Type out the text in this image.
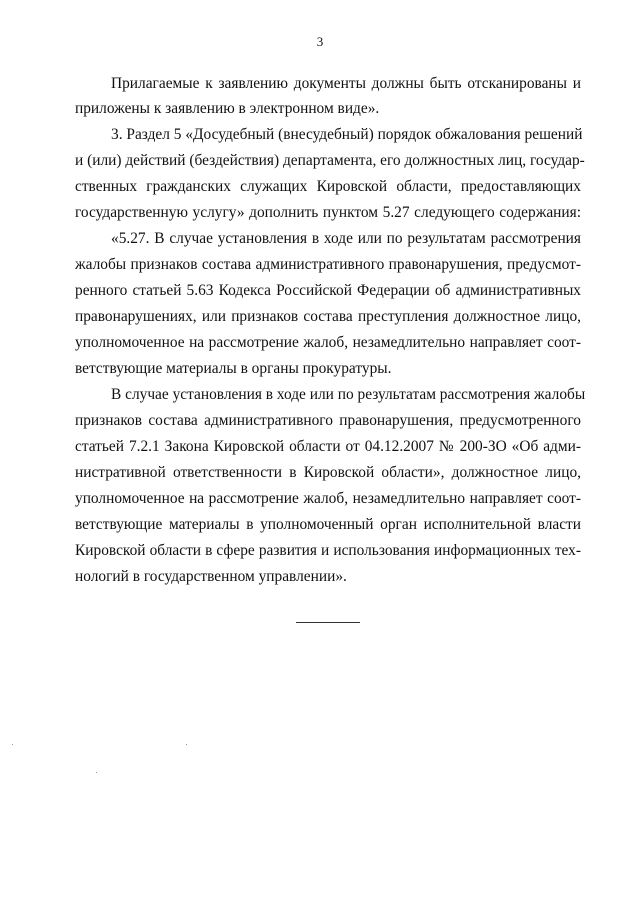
3
Прилагаемые к заявлению документы должны быть отсканированы и
приложены к заявлению в электронном виде».
3. Раздел 5 «Досудебный (внесудебный) порядок обжалования решений
и (или) действий (бездействия) департамента, его должностных лиц, государ-
ственных гражданских служащих Кировской области, предоставляющих
государственную услугу» дополнить пунктом 5.27 следующего содержания:
«5.27. В случае установления в ходе или по результатам рассмотрения
жалобы признаков состава административного правонарушения, предусмот-
ренного статьей 5.63 Кодекса Российской Федерации об административных
правонарушениях, или признаков состава преступления должностное лицо,
уполномоченное на рассмотрение жалоб, незамедлительно направляет соот-
ветствующие материалы в органы прокуратуры.
В случае установления в ходе или по результатам рассмотрения жалобы
признаков состава административного правонарушения, предусмотренного
статьей 7.2.1 Закона Кировской области от 04.12.2007 № 200-ЗО «Об адми-
нистративной ответственности в Кировской области», должностное лицо,
уполномоченное на рассмотрение жалоб, незамедлительно направляет соот-
ветствующие материалы в уполномоченный орган исполнительной власти
Кировской области в сфере развития и использования информационных тех-
нологий в государственном управлении».
